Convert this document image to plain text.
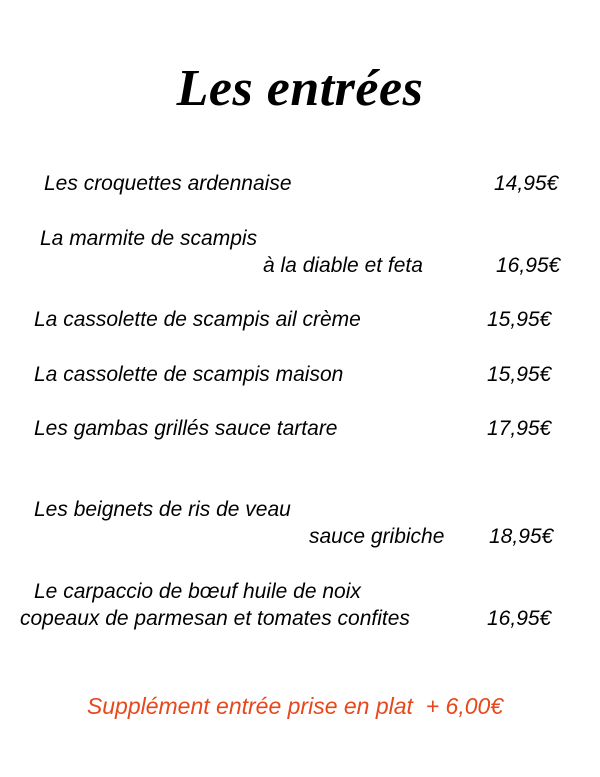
Les entrées
Les croquettes ardennaise	14,95€
La marmite de scampis
à la diable et feta	16,95€
La cassolette de scampis ail crème	15,95€
La cassolette de scampis maison	15,95€
Les gambas grillés sauce tartare	17,95€
Les beignets de ris de veau
sauce gribiche 18,95€
Le carpaccio de bœuf huile de noix
copeaux de parmesan et tomates confites	16,95€
Supplément entrée prise en plat  + 6,00€
